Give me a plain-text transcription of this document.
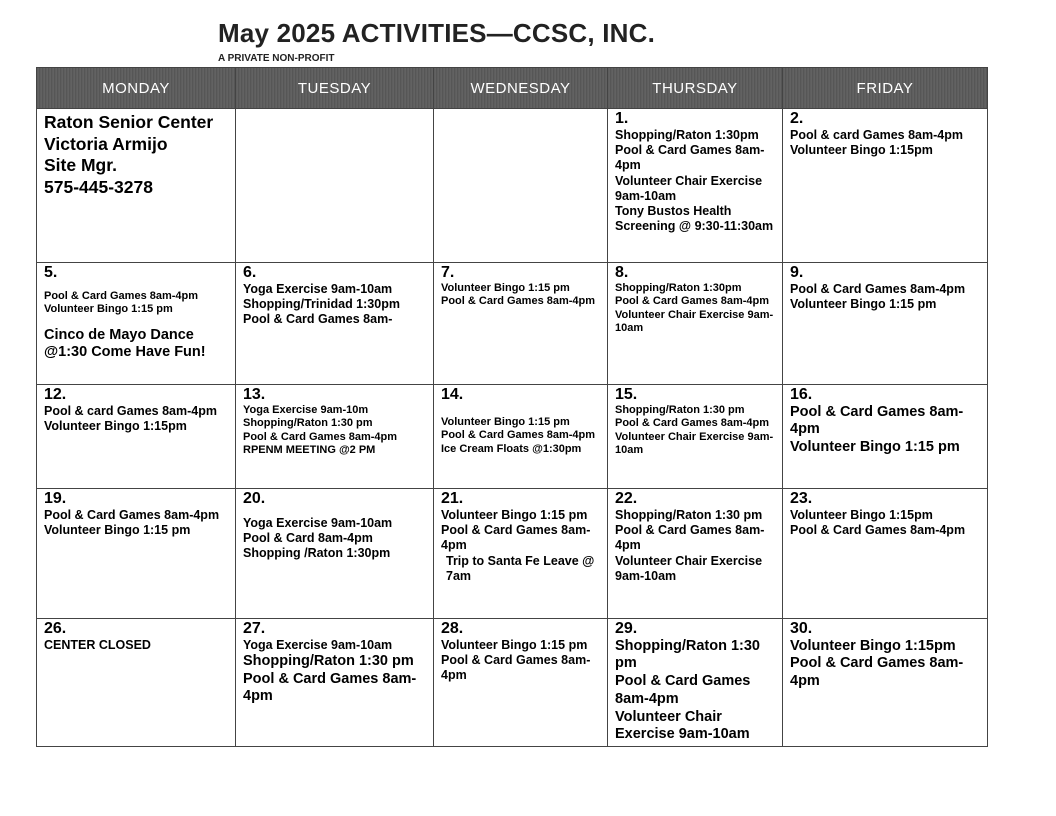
May 2025 ACTIVITIES—CCSC, INC.
A PRIVATE NON-PROFIT
MONDAY	TUESDAY	WEDNESDAY	THURSDAY	FRIDAY

Raton Senior Center
Victoria Armijo
Site Mgr.
575-445-3278			1.
Shopping/Raton 1:30pm
Pool & Card Games 8am-4pm
Volunteer Chair Exercise 9am-10am
Tony Bustos Health Screening @ 9:30-11:30am	2.
Pool & card Games 8am-4pm
Volunteer Bingo 1:15pm

5.
Pool & Card Games 8am-4pm
Volunteer Bingo 1:15 pm
Cinco de Mayo Dance @1:30 Come Have Fun!	6.
Yoga Exercise 9am-10am
Shopping/Trinidad 1:30pm
Pool & Card Games 8am-	7.
Volunteer Bingo 1:15 pm
Pool & Card Games 8am-4pm	8.
Shopping/Raton 1:30pm
Pool & Card Games 8am-4pm
Volunteer Chair Exercise 9am-10am	9.
Pool & Card Games 8am-4pm
Volunteer Bingo 1:15 pm

12.
Pool & card Games 8am-4pm
Volunteer Bingo 1:15pm	13.
Yoga Exercise 9am-10m
Shopping/Raton 1:30 pm
Pool & Card Games 8am-4pm
RPENM MEETING @2 PM	14.
Volunteer Bingo 1:15 pm
Pool & Card Games 8am-4pm
Ice Cream Floats @1:30pm	15.
Shopping/Raton 1:30 pm
Pool & Card Games 8am-4pm
Volunteer Chair Exercise 9am-10am	16.
Pool & Card Games 8am-4pm
Volunteer Bingo 1:15 pm

19.
Pool & Card Games 8am-4pm
Volunteer Bingo 1:15 pm	20.
Yoga Exercise 9am-10am
Pool & Card 8am-4pm
Shopping /Raton 1:30pm	21.
Volunteer Bingo 1:15 pm
Pool & Card Games 8am-4pm
Trip to Santa Fe Leave @ 7am	22.
Shopping/Raton 1:30 pm
Pool & Card Games 8am-4pm
Volunteer Chair Exercise 9am-10am	23.
Volunteer Bingo 1:15pm
Pool & Card Games 8am-4pm

26.
CENTER CLOSED	27.
Yoga Exercise 9am-10am
Shopping/Raton 1:30 pm
Pool & Card Games 8am-4pm	28.
Volunteer Bingo 1:15 pm
Pool & Card Games 8am-4pm	29.
Shopping/Raton 1:30 pm
Pool & Card Games 8am-4pm
Volunteer Chair Exercise 9am-10am	30.
Volunteer Bingo 1:15pm
Pool & Card Games 8am-4pm
